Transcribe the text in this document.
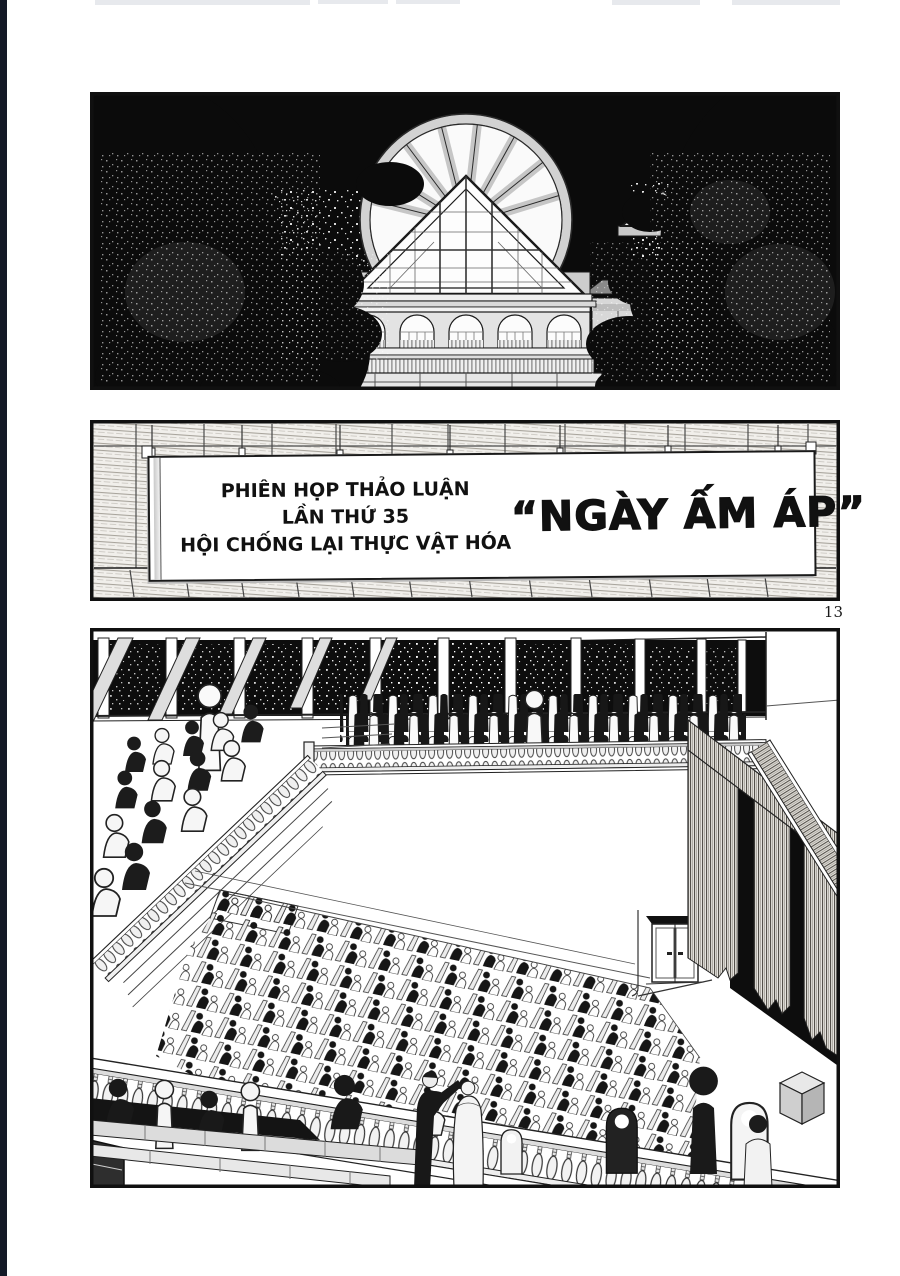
PHIÊN HỌP THẢO LUẬN
LẦN THỨ 35
HỘI CHỐNG LẠI THỰC VẬT HÓA
“NGÀY ẤM ÁP”
13
